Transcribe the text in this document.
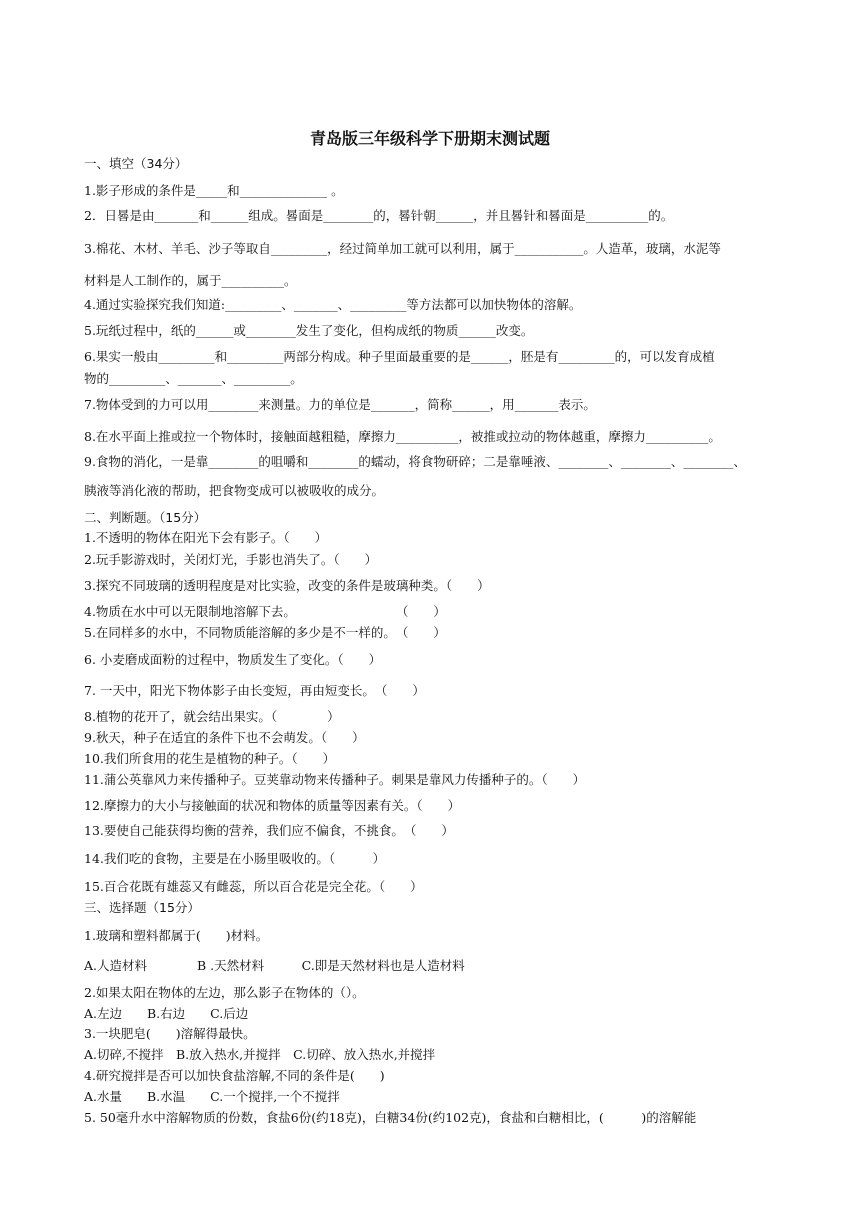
青岛版三年级科学下册期末测试题
一、填空（34分）
1.影子形成的条件是_____和______________ 。
2．日晷是由_______和______组成。晷面是________的，晷针朝______，并且晷针和晷面是__________的。
3.棉花、木材、羊毛、沙子等取自_________，经过简单加工就可以利用，属于___________。人造革，玻璃，水泥等
材料是人工制作的，属于__________。
4.通过实验探究我们知道:_________、_______、_________等方法都可以加快物体的溶解。
5.玩纸过程中，纸的______或________发生了变化，但构成纸的物质______改变。
6.果实一般由_________和_________两部分构成。种子里面最重要的是______，胚是有_________的，可以发育成植
物的_________、_______、_________。
7.物体受到的力可以用________来测量。力的单位是_______，简称______，用_______表示。
8.在水平面上推或拉一个物体时，接触面越粗糙，摩擦力__________，被推或拉动的物体越重，摩擦力__________。
9.食物的消化，一是靠________的咀嚼和________的蠕动，将食物研碎；二是靠唾液、________、________、________、
胰液等消化液的帮助，把食物变成可以被吸收的成分。
二、判断题。（15分）
1.不透明的物体在阳光下会有影子。（　　）
2.玩手影游戏时，关闭灯光，手影也消失了。（　　）
3.探究不同玻璃的透明程度是对比实验，改变的条件是玻璃种类。（　　）
4.物质在水中可以无限制地溶解下去。　　　　　　　　　（　　）
5.在同样多的水中，不同物质能溶解的多少是不一样的。　（　　）
6. 小麦磨成面粉的过程中，物质发生了变化。（　　）
7. 一天中，阳光下物体影子由长变短，再由短变长。　（　　）
8.植物的花开了，就会结出果实。（　　　　）
9.秋天，种子在适宜的条件下也不会萌发。（　　）
10.我们所食用的花生是植物的种子。（　　）
11.蒲公英靠风力来传播种子。豆荚靠动物来传播种子。刺果是靠风力传播种子的。（　　）
12.摩擦力的大小与接触面的状况和物体的质量等因素有关。（　　）
13.要使自己能获得均衡的营养，我们应不偏食，不挑食。　（　　）
14.我们吃的食物，主要是在小肠里吸收的。（　　　）
15.百合花既有雄蕊又有雌蕊，所以百合花是完全花。（　　）
三、选择题（15分）
1.玻璃和塑料都属于(　　)材料。
A.人造材料　　　　B .天然材料　　　C.即是天然材料也是人造材料
2.如果太阳在物体的左边，那么影子在物体的（）。
A.左边　　B.右边　　C.后边
3.一块肥皂(　　)溶解得最快。
A.切碎,不搅拌　B.放入热水,并搅拌　C.切碎、放入热水,并搅拌
4.研究搅拌是否可以加快食盐溶解,不同的条件是(　　)
A.水量　　B.水温　　C.一个搅拌,一个不搅拌
5. 50毫升水中溶解物质的份数，食盐6份(约18克)，白糖34份(约102克)，食盐和白糖相比，(　　　)的溶解能
